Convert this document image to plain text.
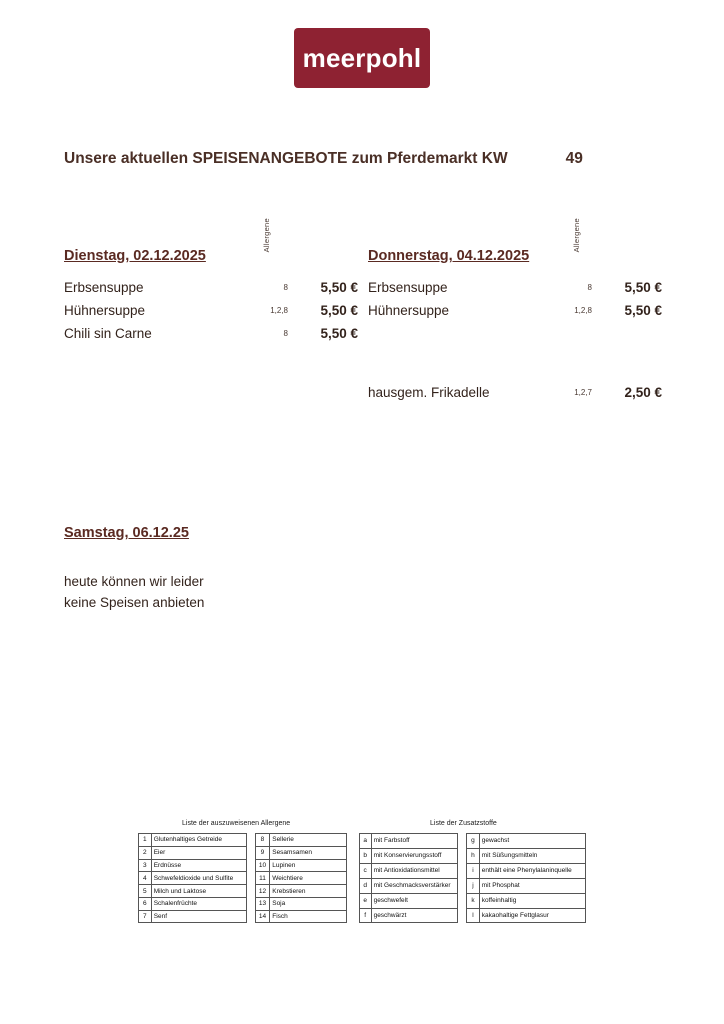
meerpohl
Unsere aktuellen SPEISENANGEBOTE zum Pferdemarkt KW	49
Allergene	Allergene
Dienstag, 02.12.2025
Erbsensuppe	8	5,50 €
Hühnersuppe	1,2,8	5,50 €
Chili sin Carne	8	5,50 €
Donnerstag, 04.12.2025
Erbsensuppe	8	5,50 €
Hühnersuppe	1,2,8	5,50 €
hausgem. Frikadelle	1,2,7	2,50 €
Samstag, 06.12.25
heute können wir leider
keine Speisen anbieten
Liste der auszuweisenen Allergene	Liste der Zusatzstoffe
1	Glutenhaltiges Getreide
2	Eier
3	Erdnüsse
4	Schwefeldioxide und Sulfite
5	Milch und Laktose
6	Schalenfrüchte
7	Senf
8	Sellerie
9	Sesamsamen
10	Lupinen
11	Weichtiere
12	Krebstieren
13	Soja
14	Fisch
a	mit Farbstoff
b	mit Konservierungsstoff
c	mit Antioxidationsmittel
d	mit Geschmacksverstärker
e	geschwefelt
f	geschwärzt
g	gewachst
h	mit Süßungsmitteln
i	enthält eine Phenylalaninquelle
j	mit Phosphat
k	koffeinhaltig
l	kakaohaltige Fettglasur
